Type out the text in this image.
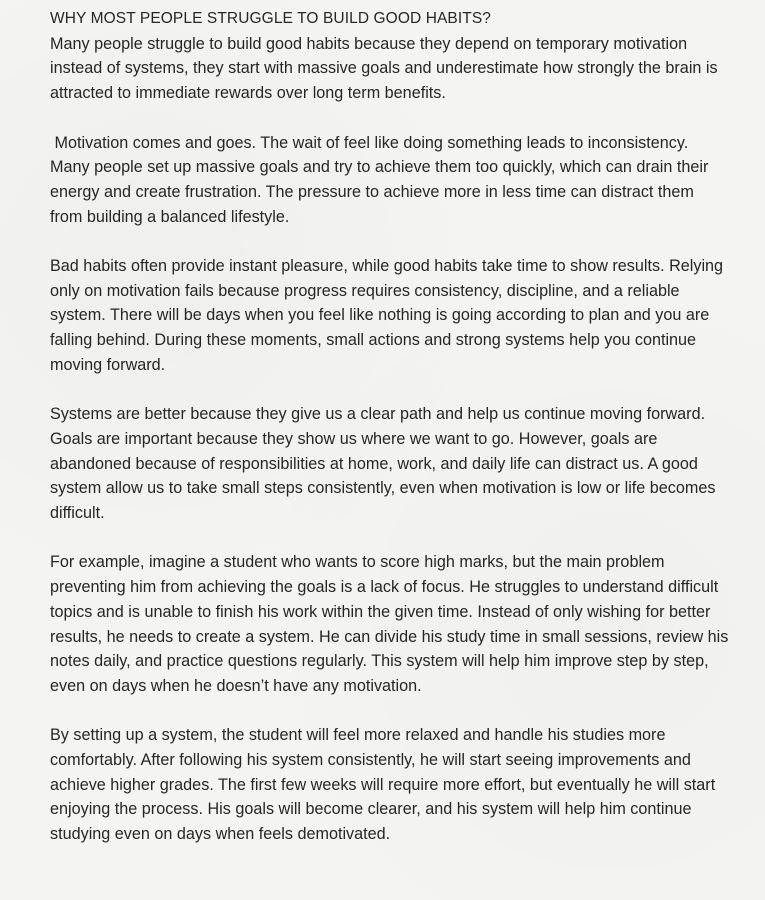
WHY MOST PEOPLE STRUGGLE TO BUILD GOOD HABITS?

Many people struggle to build good habits because they depend on temporary motivation instead of systems, they start with massive goals and underestimate how strongly the brain is attracted to immediate rewards over long term benefits.

Motivation comes and goes. The wait of feel like doing something leads to inconsistency. Many people set up massive goals and try to achieve them too quickly, which can drain their energy and create frustration. The pressure to achieve more in less time can distract them from building a balanced lifestyle.

Bad habits often provide instant pleasure, while good habits take time to show results. Relying only on motivation fails because progress requires consistency, discipline, and a reliable system. There will be days when you feel like nothing is going according to plan and you are falling behind. During these moments, small actions and strong systems help you continue moving forward.

Systems are better because they give us a clear path and help us continue moving forward. Goals are important because they show us where we want to go. However, goals are abandoned because of responsibilities at home, work, and daily life can distract us. A good system allow us to take small steps consistently, even when motivation is low or life becomes difficult.

For example, imagine a student who wants to score high marks, but the main problem preventing him from achieving the goals is a lack of focus. He struggles to understand difficult topics and is unable to finish his work within the given time. Instead of only wishing for better results, he needs to create a system. He can divide his study time in small sessions, review his notes daily, and practice questions regularly. This system will help him improve step by step, even on days when he doesn’t have any motivation.

By setting up a system, the student will feel more relaxed and handle his studies more comfortably. After following his system consistently, he will start seeing improvements and achieve higher grades. The first few weeks will require more effort, but eventually he will start enjoying the process. His goals will become clearer, and his system will help him continue studying even on days when feels demotivated.
